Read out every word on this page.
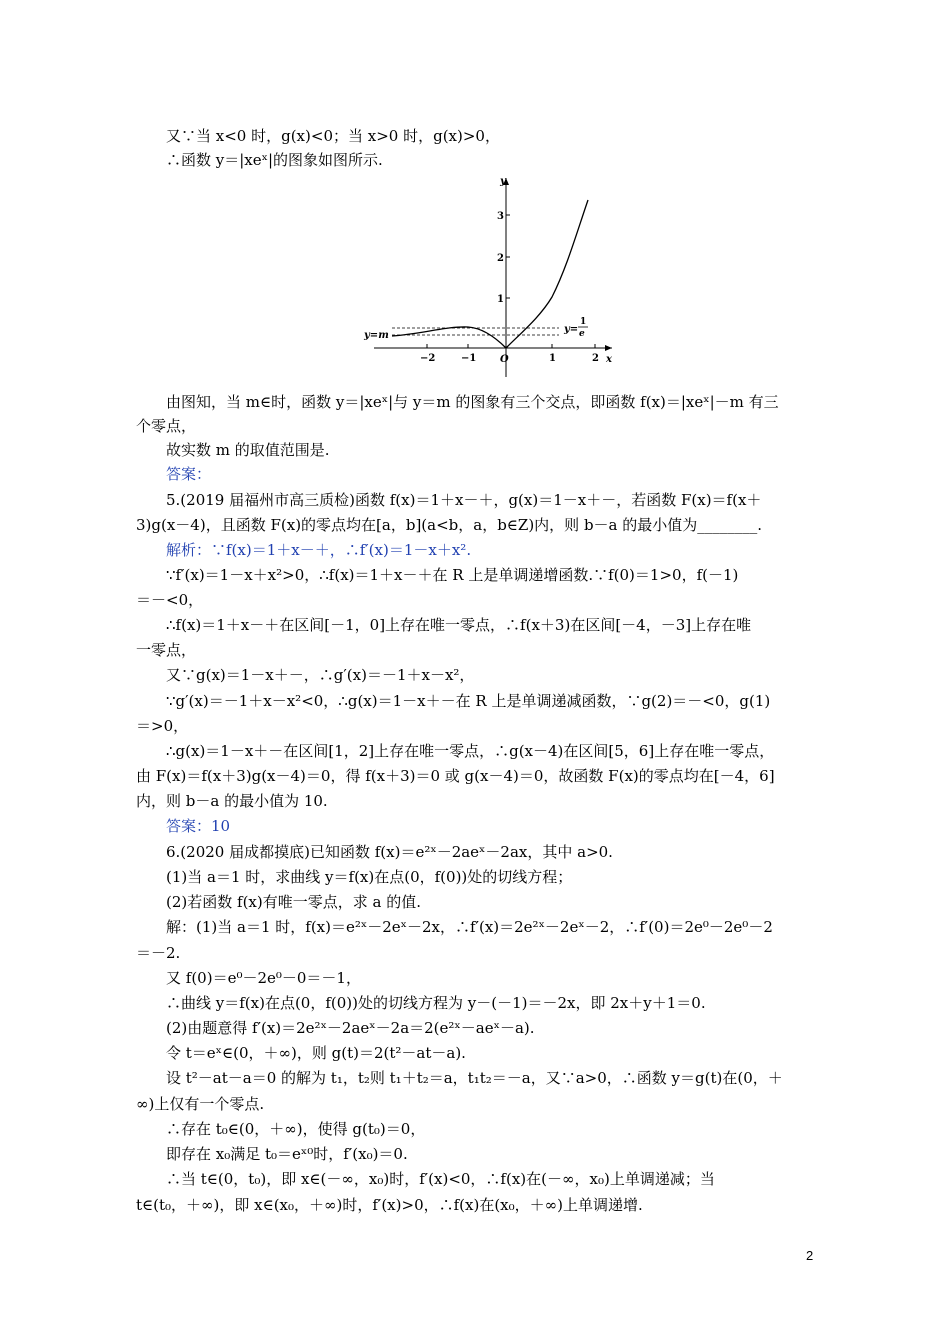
又∵当 x<0 时，g(x)<0；当 x>0 时，g(x)>0，
∴函数 y＝|xeˣ|的图象如图所示.
y
x
O
−2	−1	1	2
1
2
3
y=m
y=
1
e
由图知，当 m∈时，函数 y＝|xeˣ|与 y＝m 的图象有三个交点，即函数 f(x)＝|xeˣ|－m 有三
个零点，
故实数 m 的取值范围是.
答案：
5.(2019 届福州市高三质检)函数 f(x)＝1＋x－＋，g(x)＝1－x＋－，若函数 F(x)＝f(x＋
3)g(x－4)，且函数 F(x)的零点均在[a，b](a<b，a，b∈Z)内，则 b－a 的最小值为________.
解析：∵f(x)＝1＋x－＋，∴f′(x)＝1－x＋x².
∵f′(x)＝1－x＋x²>0，∴f(x)＝1＋x－＋在 R 上是单调递增函数.∵f(0)＝1>0，f(－1)
＝－<0，
∴f(x)＝1＋x－＋在区间[－1，0]上存在唯一零点，∴f(x＋3)在区间[－4，－3]上存在唯
一零点，
又∵g(x)＝1－x＋－，∴g′(x)＝－1＋x－x²，
∵g′(x)＝－1＋x－x²<0，∴g(x)＝1－x＋－在 R 上是单调递减函数，∵g(2)＝－<0，g(1)
＝>0，
∴g(x)＝1－x＋－在区间[1，2]上存在唯一零点，∴g(x－4)在区间[5，6]上存在唯一零点，
由 F(x)＝f(x＋3)g(x－4)＝0，得 f(x＋3)＝0 或 g(x－4)＝0，故函数 F(x)的零点均在[－4，6]
内，则 b－a 的最小值为 10.
答案：10
6.(2020 届成都摸底)已知函数 f(x)＝e²ˣ－2aeˣ－2ax，其中 a>0.
(1)当 a＝1 时，求曲线 y＝f(x)在点(0，f(0))处的切线方程；
(2)若函数 f(x)有唯一零点，求 a 的值.
解：(1)当 a＝1 时，f(x)＝e²ˣ－2eˣ－2x，∴f′(x)＝2e²ˣ－2eˣ－2，∴f′(0)＝2e⁰－2e⁰－2
＝－2.
又 f(0)＝e⁰－2e⁰－0＝－1，
∴曲线 y＝f(x)在点(0，f(0))处的切线方程为 y－(－1)＝－2x，即 2x＋y＋1＝0.
(2)由题意得 f′(x)＝2e²ˣ－2aeˣ－2a＝2(e²ˣ－aeˣ－a).
令 t＝eˣ∈(0，＋∞)，则 g(t)＝2(t²－at－a).
设 t²－at－a＝0 的解为 t₁，t₂则 t₁＋t₂＝a，t₁t₂＝－a，又∵a>0，∴函数 y＝g(t)在(0，＋
∞)上仅有一个零点.
∴存在 t₀∈(0，＋∞)，使得 g(t₀)＝0，
即存在 x₀满足 t₀＝eˣ⁰时，f′(x₀)＝0.
∴当 t∈(0，t₀)，即 x∈(－∞，x₀)时，f′(x)<0，∴f(x)在(－∞，x₀)上单调递减；当
t∈(t₀，＋∞)，即 x∈(x₀，＋∞)时，f′(x)>0，∴f(x)在(x₀，＋∞)上单调递增.
2
